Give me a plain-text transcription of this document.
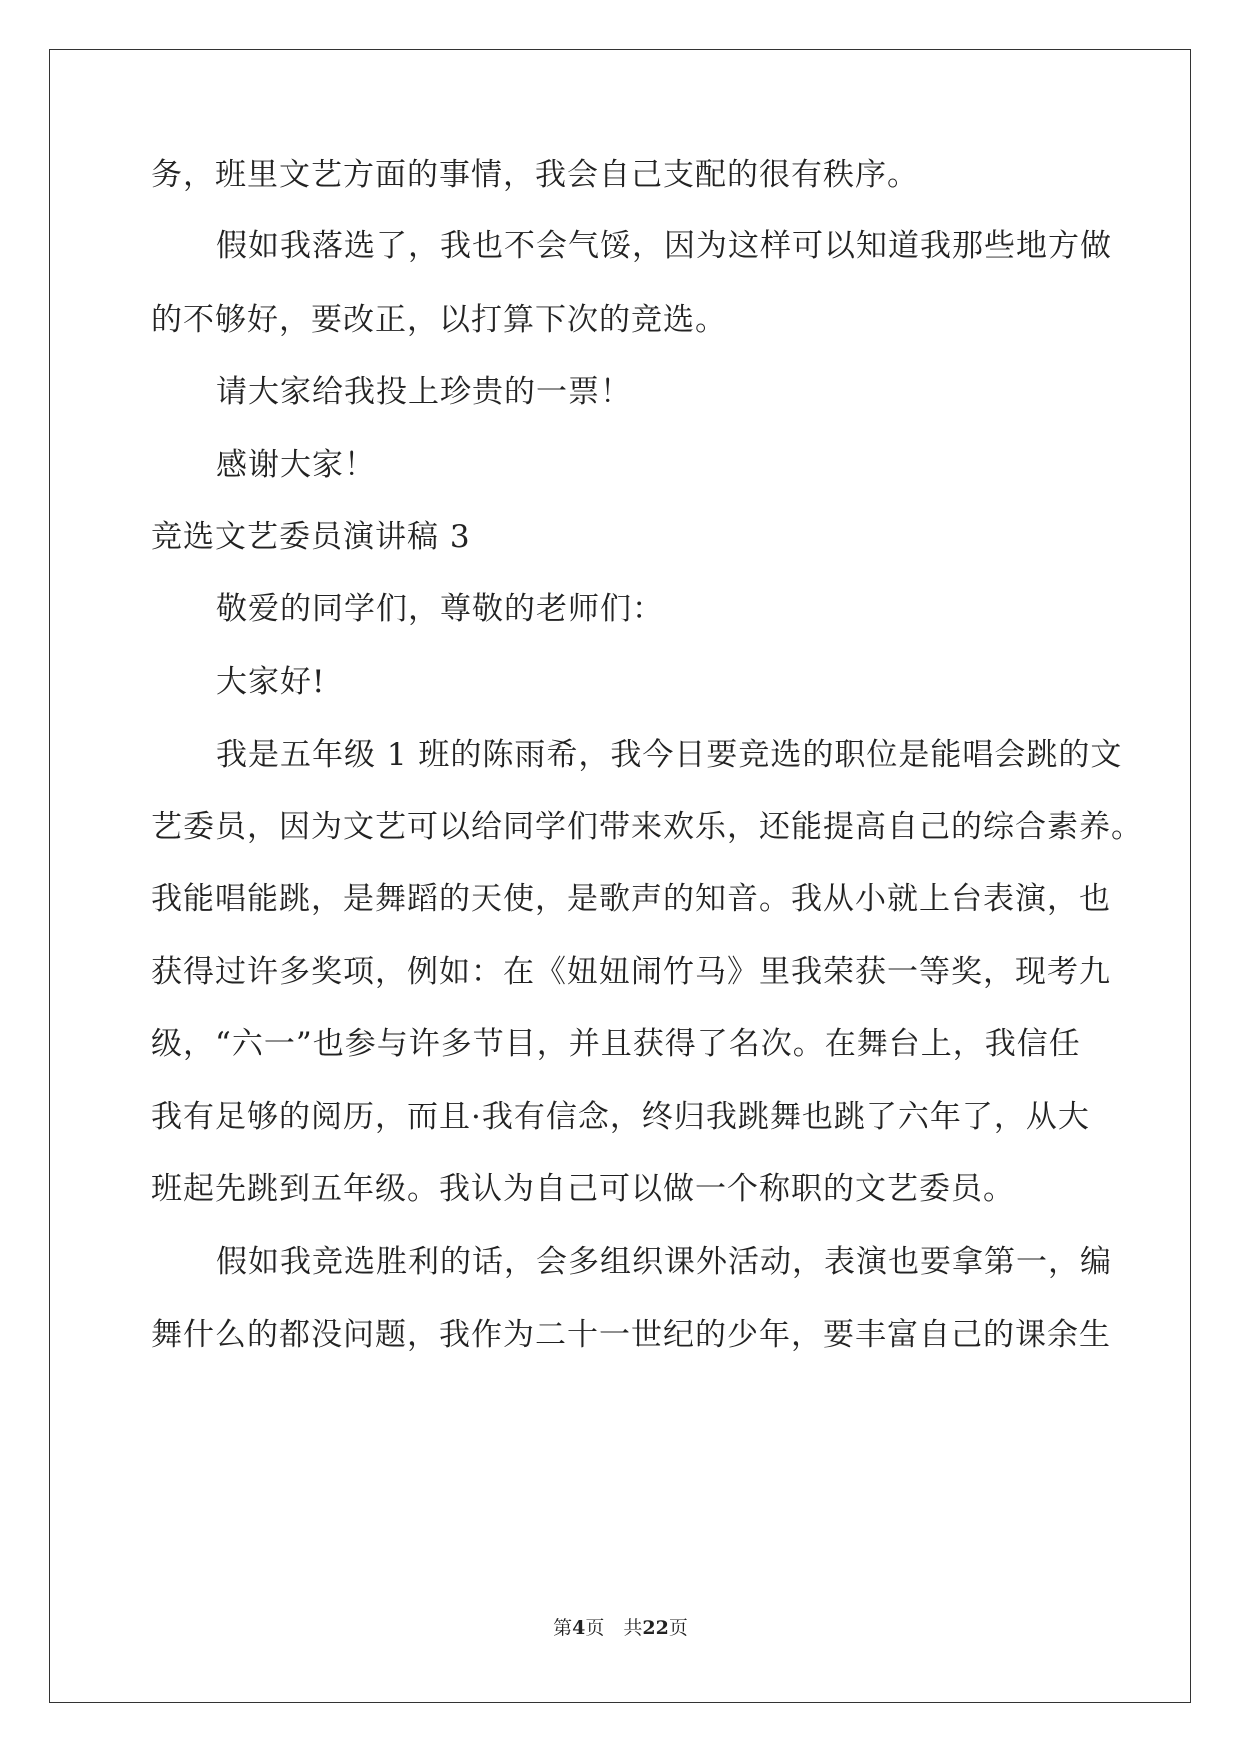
务，班里文艺方面的事情，我会自己支配的很有秩序。
假如我落选了，我也不会气馁，因为这样可以知道我那些地方做
的不够好，要改正，以打算下次的竞选。
请大家给我投上珍贵的一票！
感谢大家！
竞选文艺委员演讲稿 3
敬爱的同学们，尊敬的老师们：
大家好!
我是五年级 1 班的陈雨希，我今日要竞选的职位是能唱会跳的文
艺委员，因为文艺可以给同学们带来欢乐，还能提高自己的综合素养。
我能唱能跳，是舞蹈的天使，是歌声的知音。我从小就上台表演，也
获得过许多奖项，例如：在《妞妞闹竹马》里我荣获一等奖，现考九
级，“六一”也参与许多节目，并且获得了名次。在舞台上，我信任
我有足够的阅历，而且·我有信念，终归我跳舞也跳了六年了，从大
班起先跳到五年级。我认为自己可以做一个称职的文艺委员。
假如我竞选胜利的话，会多组织课外活动，表演也要拿第一，编
舞什么的都没问题，我作为二十一世纪的少年，要丰富自己的课余生
第4页　共22页
